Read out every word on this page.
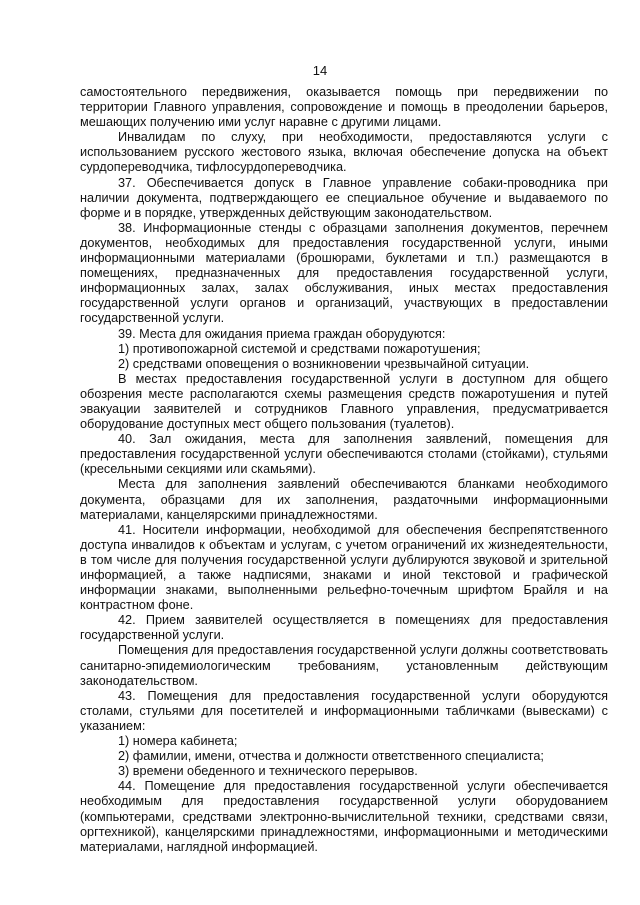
14

самостоятельного передвижения, оказывается помощь при передвижении по территории Главного управления, сопровождение и помощь в преодолении барьеров, мешающих получению ими услуг наравне с другими лицами.

Инвалидам по слуху, при необходимости, предоставляются услуги с использованием русского жестового языка, включая обеспечение допуска на объект сурдопереводчика, тифлосурдопереводчика.

37. Обеспечивается допуск в Главное управление собаки-проводника при наличии документа, подтверждающего ее специальное обучение и выдаваемого по форме и в порядке, утвержденных действующим законодательством.

38. Информационные стенды с образцами заполнения документов, перечнем документов, необходимых для предоставления государственной услуги, иными информационными материалами (брошюрами, буклетами и т.п.) размещаются в помещениях, предназначенных для предоставления государственной услуги, информационных залах, залах обслуживания, иных местах предоставления государственной услуги органов и организаций, участвующих в предоставлении государственной услуги.

39. Места для ожидания приема граждан оборудуются:

1) противопожарной системой и средствами пожаротушения;

2) средствами оповещения о возникновении чрезвычайной ситуации.

В местах предоставления государственной услуги в доступном для общего обозрения месте располагаются схемы размещения средств пожаротушения и путей эвакуации заявителей и сотрудников Главного управления, предусматривается оборудование доступных мест общего пользования (туалетов).

40. Зал ожидания, места для заполнения заявлений, помещения для предоставления государственной услуги обеспечиваются столами (стойками), стульями (кресельными секциями или скамьями).

Места для заполнения заявлений обеспечиваются бланками необходимого документа, образцами для их заполнения, раздаточными информационными материалами, канцелярскими принадлежностями.

41. Носители информации, необходимой для обеспечения беспрепятственного доступа инвалидов к объектам и услугам, с учетом ограничений их жизнедеятельности, в том числе для получения государственной услуги дублируются звуковой и зрительной информацией, а также надписями, знаками и иной текстовой и графической информации знаками, выполненными рельефно-точечным шрифтом Брайля и на контрастном фоне.

42. Прием заявителей осуществляется в помещениях для предоставления государственной услуги.

Помещения для предоставления государственной услуги должны соответствовать санитарно-эпидемиологическим требованиям, установленным действующим законодательством.

43. Помещения для предоставления государственной услуги оборудуются столами, стульями для посетителей и информационными табличками (вывесками) с указанием:

1) номера кабинета;

2) фамилии, имени, отчества и должности ответственного специалиста;

3) времени обеденного и технического перерывов.

44. Помещение для предоставления государственной услуги обеспечивается необходимым для предоставления государственной услуги оборудованием (компьютерами, средствами электронно-вычислительной техники, средствами связи, оргтехникой), канцелярскими принадлежностями, информационными и методическими материалами, наглядной информацией.
